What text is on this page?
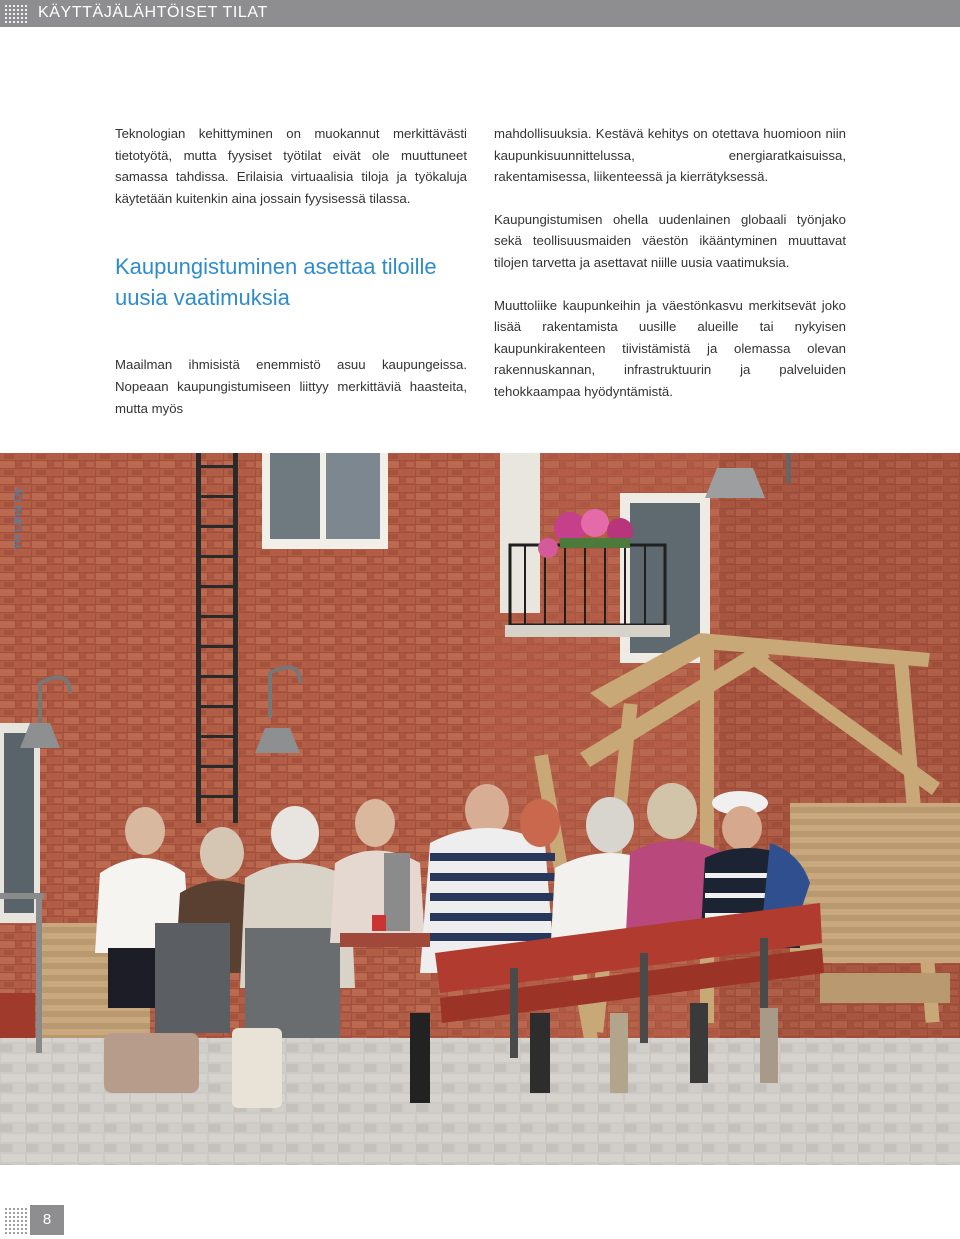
KÄYTTÄJÄLÄHTÖISET TILAT

Teknologian kehittyminen on muokannut merkittävästi tietotyötä, mutta fyysiset työtilat eivät ole muuttuneet samassa tahdissa. Erilaisia virtuaalisia tiloja ja työkaluja käytetään kuitenkin aina jossain fyysisessä tilassa.

Kaupungistuminen asettaa tiloille uusia vaatimuksia

Maailman ihmisistä enemmistö asuu kaupungeissa. Nopeaan kaupungistumiseen liittyy merkittäviä haasteita, mutta myös

mahdollisuuksia. Kestävä kehitys on otettava huomioon niin kaupunkisuunnittelussa, energiaratkaisuissa, rakentamisessa, liikenteessä ja kierrätyksessä.

Kaupungistumisen ohella uudenlainen globaali työnjako sekä teollisuusmaiden väestön ikääntyminen muuttavat tilojen tarvetta ja asettavat niille uusia vaatimuksia.

Muuttoliike kaupunkeihin ja väestönkasvu merkitsevät joko lisää rakentamista uusille alueille tai nykyisen kaupunkirakenteen tiivistämistä ja olemassa olevan rakennuskannan, infrastruktuurin ja palveluiden tehokkaampaa hyödyntämistä.

YH Länsi Oy
8
